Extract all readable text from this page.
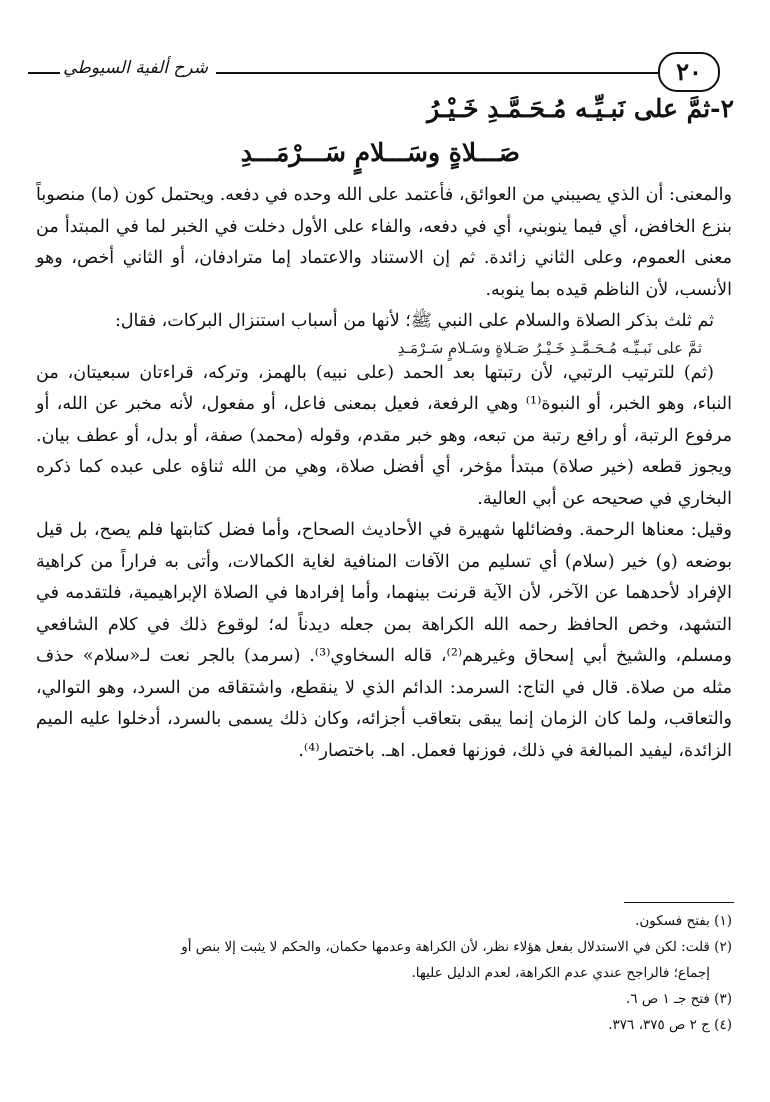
شرح ألفية السيوطي	٢٠
٢-ثمَّ على نَبـيِّـه مُـحَـمَّـدِ خَـيْـرُ
صَـــلاةٍ وسَـــلامٍ سَـــرْمَـــدِ

والمعنى: أن الذي يصيبني من العوائق، فأعتمد على الله وحده في دفعه. ويحتمل كون (ما) منصوباً بنزع الخافض، أي فيما ينوبني، أي في دفعه، والفاء على الأول دخلت في الخبر لما في المبتدأ من معنى العموم، وعلى الثاني زائدة. ثم إن الاستناد والاعتماد إما مترادفان، أو الثاني أخص، وهو الأنسب، لأن الناظم قيده بما ينوبه.

ثم ثلث بذكر الصلاة والسلام على النبي ﷺ؛ لأنها من أسباب استنزال البركات، فقال:

ثمَّ على نَبـيِّـه مُـحَـمَّـدِ خَـيْـرُ صَـلاةٍ وسَـلامٍ سَـرْمَـدِ

(ثم) للترتيب الرتبي، لأن رتبتها بعد الحمد (على نبيه) بالهمز، وتركه، قراءتان سبعيتان، من النباء، وهو الخبر، أو النبوة⁽¹⁾ وهي الرفعة، فعيل بمعنى فاعل، أو مفعول، لأنه مخبر عن الله، أو مرفوع الرتبة، أو رافع رتبة من تبعه، وهو خبر مقدم، وقوله (محمد) صفة، أو بدل، أو عطف بيان. ويجوز قطعه (خير صلاة) مبتدأ مؤخر، أي أفضل صلاة، وهي من الله ثناؤه على عبده كما ذكره البخاري في صحيحه عن أبي العالية.

وقيل: معناها الرحمة. وفضائلها شهيرة في الأحاديث الصحاح، وأما فضل كتابتها فلم يصح، بل قيل بوضعه (و) خير (سلام) أي تسليم من الآفات المنافية لغاية الكمالات، وأتى به فراراً من كراهية الإفراد لأحدهما عن الآخر، لأن الآية قرنت بينهما، وأما إفرادها في الصلاة الإبراهيمية، فلتقدمه في التشهد، وخص الحافظ رحمه الله الكراهة بمن جعله ديدناً له؛ لوقوع ذلك في كلام الشافعي ومسلم، والشيخ أبي إسحاق وغيرهم⁽²⁾، قاله السخاوي⁽³⁾. (سرمد) بالجر نعت لـ«سلام» حذف مثله من صلاة. قال في التاج: السرمد: الدائم الذي لا ينقطع، واشتقاقه من السرد، وهو التوالي، والتعاقب، ولما كان الزمان إنما يبقى بتعاقب أجزائه، وكان ذلك يسمى بالسرد، أدخلوا عليه الميم الزائدة، ليفيد المبالغة في ذلك، فوزنها فعمل. اهـ. باختصار⁽⁴⁾.

(١) بفتح فسكون.

(٢) قلت: لكن في الاستدلال بفعل هؤلاء نظر، لأن الكراهة وعدمها حكمان، والحكم لا يثبت إلا بنص أو

إجماع؛ فالراجح عندي عدم الكراهة، لعدم الدليل عليها.

(٣) فتح جـ ١ ص ٦.

(٤) ج ٢ ص ٣٧٥، ٣٧٦.
